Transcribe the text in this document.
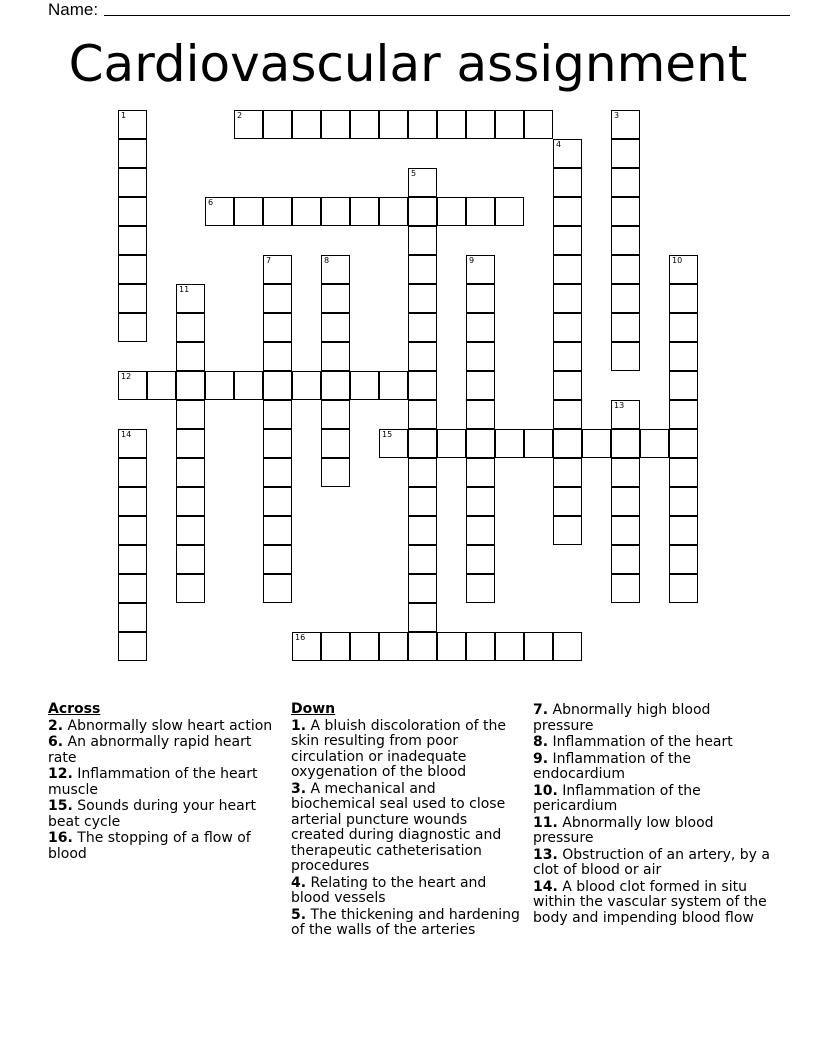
Name:
Cardiovascular assignment
2
6
12
15
16
1	3
4
5
7	8	9	10
11
13
14
Across
2. Abnormally slow heart action
6. An abnormally rapid heart rate
12. Inflammation of the heart muscle
15. Sounds during your heart beat cycle
16. The stopping of a flow of blood
Down
1. A bluish discoloration of the skin resulting from poor circulation or inadequate oxygenation of the blood
3. A mechanical and biochemical seal used to close arterial puncture wounds created during diagnostic and therapeutic catheterisation procedures
4. Relating to the heart and blood vessels
5. The thickening and hardening of the walls of the arteries
7. Abnormally high blood pressure
8. Inflammation of the heart
9. Inflammation of the endocardium
10. Inflammation of the pericardium
11. Abnormally low blood pressure
13. Obstruction of an artery, by a clot of blood or air
14. A blood clot formed in situ within the vascular system of the body and impending blood flow
